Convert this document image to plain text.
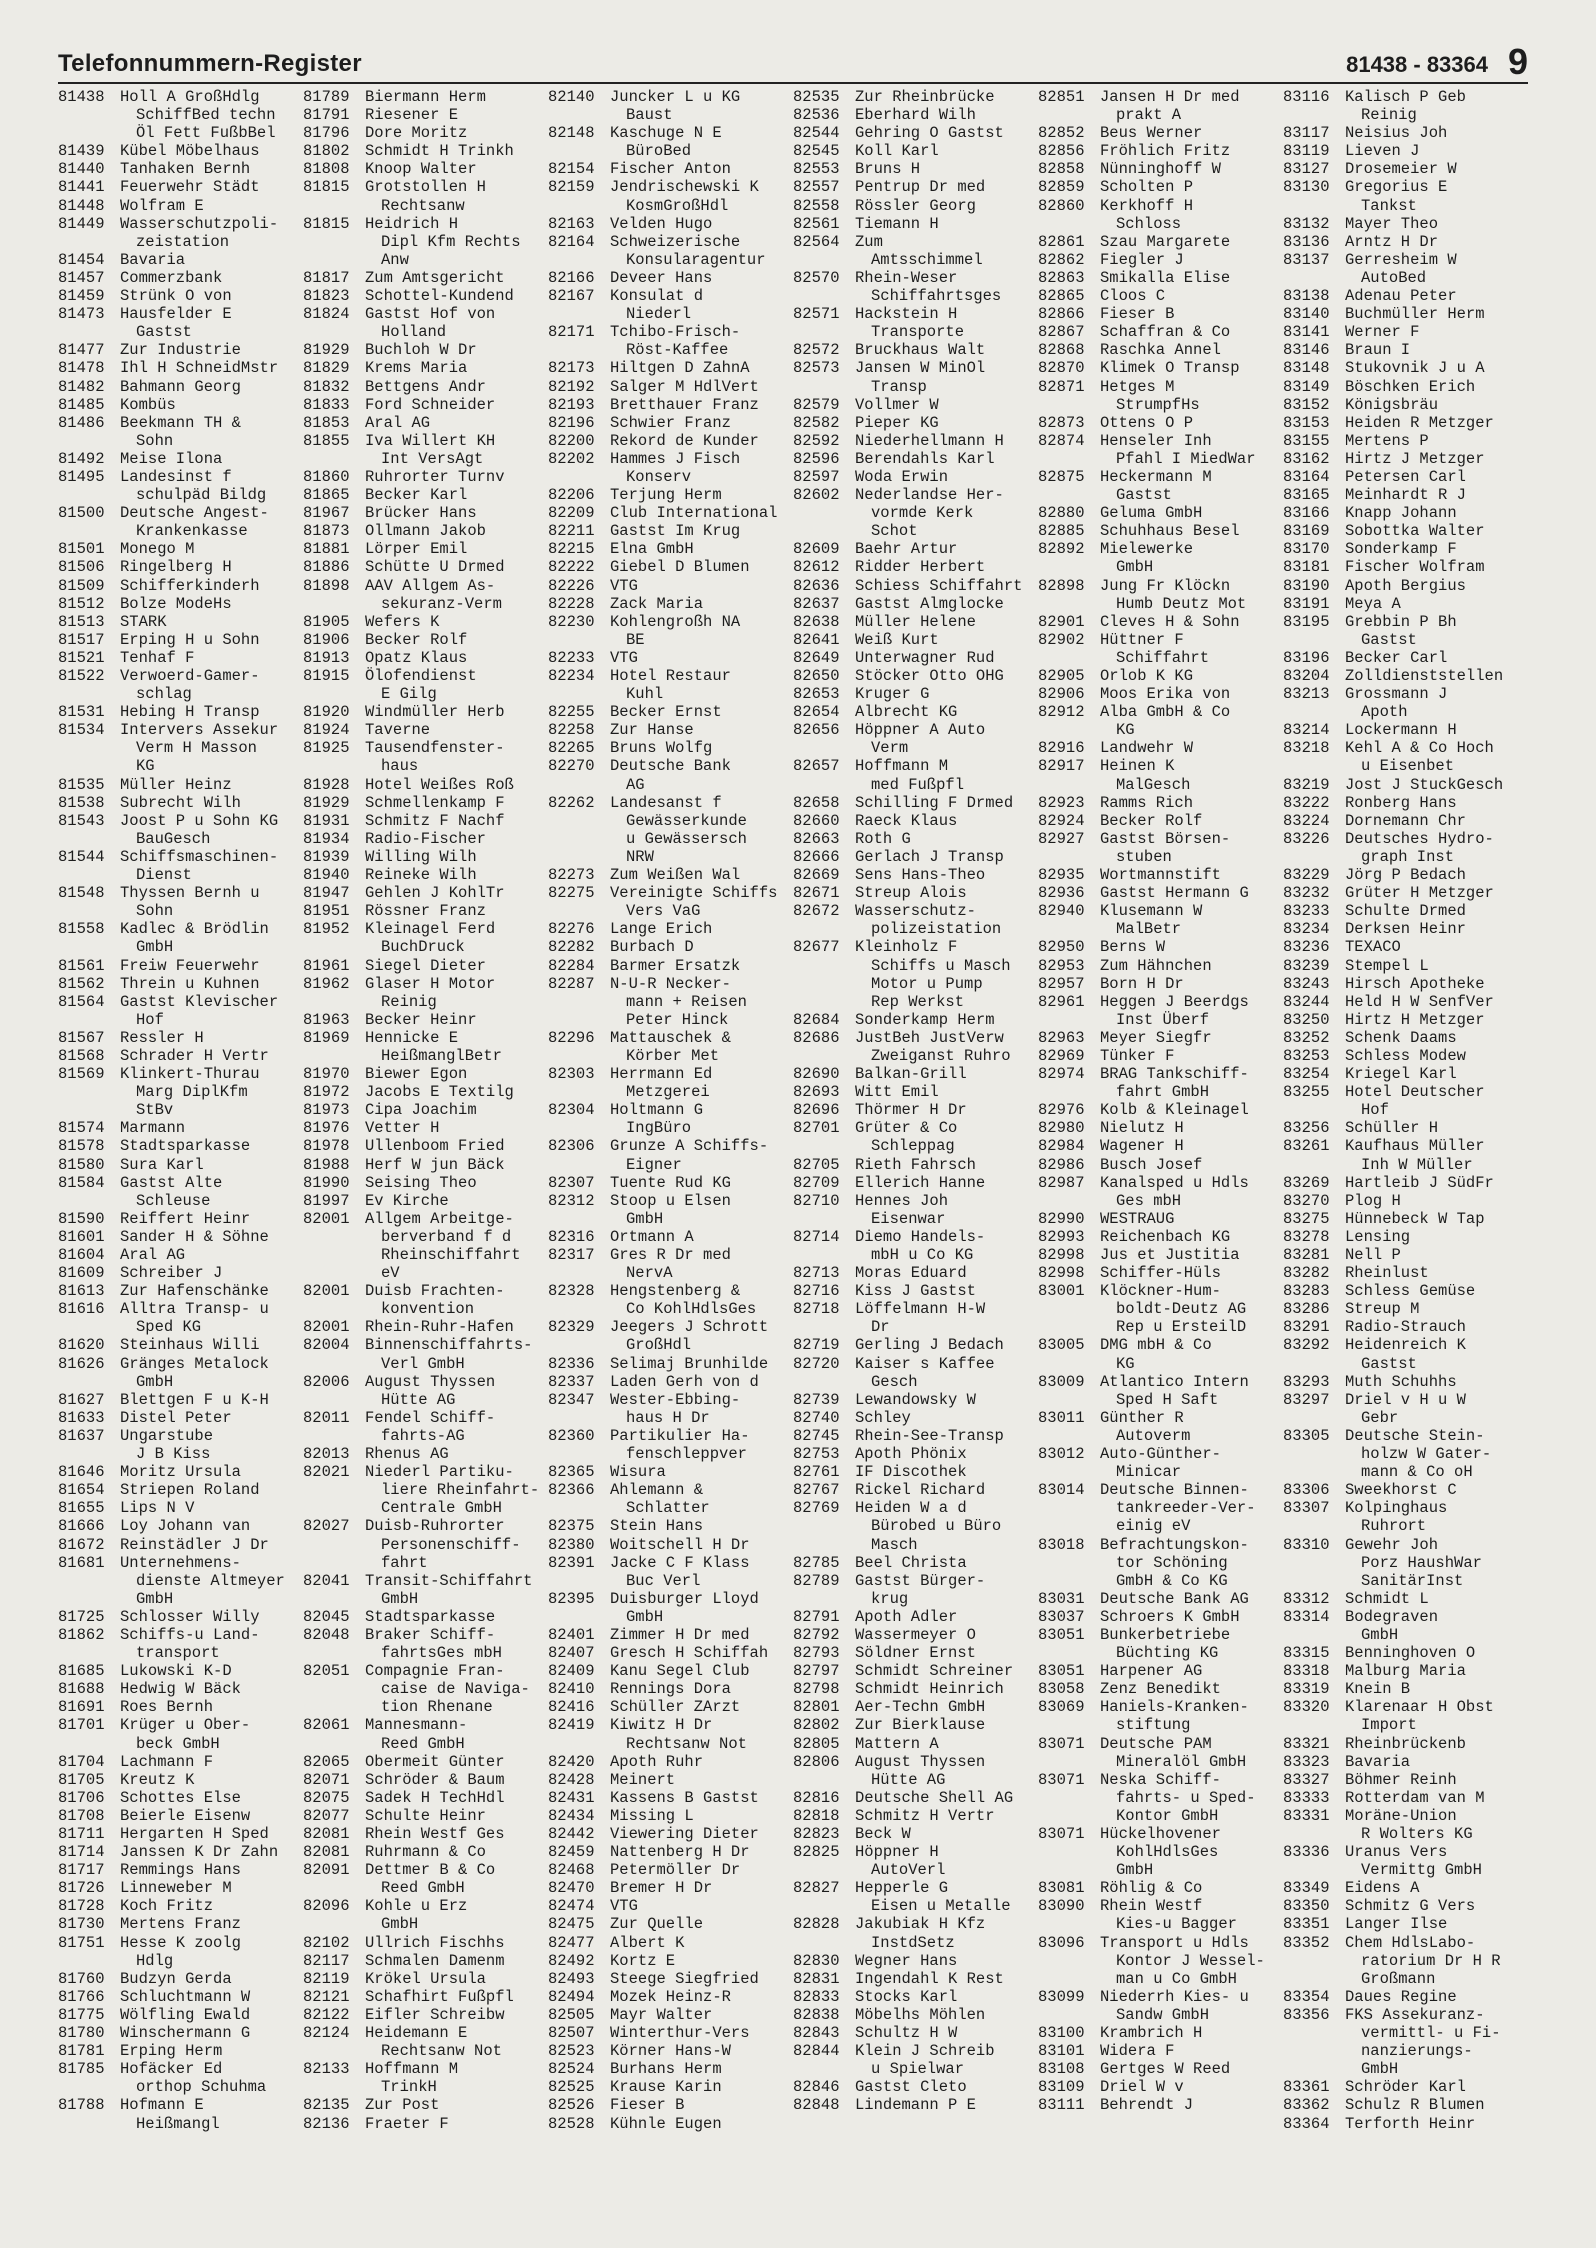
Telefonnummern-Register	81438 - 83364 9
81438 Holl A GroßHdlg
SchiffBed techn
Öl Fett FußbBel
81439 Kübel Möbelhaus
81440 Tanhaken Bernh
81441 Feuerwehr Städt
81448 Wolfram E
81449 Wasserschutzpoli-
zeistation
81454 Bavaria
81457 Commerzbank
81459 Strünk O von
81473 Hausfelder E
Gastst
81477 Zur Industrie
81478 Ihl H SchneidMstr
81482 Bahmann Georg
81485 Kombüs
81486 Beekmann TH &
Sohn
81492 Meise Ilona
81495 Landesinst f
schulpäd Bildg
81500 Deutsche Angest-
Krankenkasse
81501 Monego M
81506 Ringelberg H
81509 Schifferkinderh
81512 Bolze ModeHs
81513 STARK
81517 Erping H u Sohn
81521 Tenhaf F
81522 Verwoerd-Gamer-
schlag
81531 Hebing H Transp
81534 Intervers Assekur
Verm H Masson
KG
81535 Müller Heinz
81538 Subrecht Wilh
81543 Joost P u Sohn KG
BauGesch
81544 Schiffsmaschinen-
Dienst
81548 Thyssen Bernh u
Sohn
81558 Kadlec & Brödlin
GmbH
81561 Freiw Feuerwehr
81562 Threin u Kuhnen
81564 Gastst Klevischer
Hof
81567 Ressler H
81568 Schrader H Vertr
81569 Klinkert-Thurau
Marg DiplKfm
StBv
81574 Marmann
81578 Stadtsparkasse
81580 Sura Karl
81584 Gastst Alte
Schleuse
81590 Reiffert Heinr
81601 Sander H & Söhne
81604 Aral AG
81609 Schreiber J
81613 Zur Hafenschänke
81616 Alltra Transp- u
Sped KG
81620 Steinhaus Willi
81626 Gränges Metalock
GmbH
81627 Blettgen F u K-H
81633 Distel Peter
81637 Ungarstube
J B Kiss
81646 Moritz Ursula
81654 Striepen Roland
81655 Lips N V
81666 Loy Johann van
81672 Reinstädler J Dr
81681 Unternehmens-
dienste Altmeyer
GmbH
81725 Schlosser Willy
81862 Schiffs-u Land-
transport
81685 Lukowski K-D
81688 Hedwig W Bäck
81691 Roes Bernh
81701 Krüger u Ober-
beck GmbH
81704 Lachmann F
81705 Kreutz K
81706 Schottes Else
81708 Beierle Eisenw
81711 Hergarten H Sped
81714 Janssen K Dr Zahn
81717 Remmings Hans
81726 Linneweber M
81728 Koch Fritz
81730 Mertens Franz
81751 Hesse K zoolg
Hdlg
81760 Budzyn Gerda
81766 Schluchtmann W
81775 Wölfling Ewald
81780 Winschermann G
81781 Erping Herm
81785 Hofäcker Ed
orthop Schuhma
81788 Hofmann E
Heißmangl
81789 Biermann Herm
81791 Riesener E
81796 Dore Moritz
81802 Schmidt H Trinkh
81808 Knoop Walter
81815 Grotstollen H
Rechtsanw
81815 Heidrich H
Dipl Kfm Rechts
Anw
81817 Zum Amtsgericht
81823 Schottel-Kundend
81824 Gastst Hof von
Holland
81929 Buchloh W Dr
81829 Krems Maria
81832 Bettgens Andr
81833 Ford Schneider
81853 Aral AG
81855 Iva Willert KH
Int VersAgt
81860 Ruhrorter Turnv
81865 Becker Karl
81967 Brücker Hans
81873 Ollmann Jakob
81881 Lörper Emil
81886 Schütte U Drmed
81898 AAV Allgem As-
sekuranz-Verm
81905 Wefers K
81906 Becker Rolf
81913 Opatz Klaus
81915 Ölofendienst
E Gilg
81920 Windmüller Herb
81924 Taverne
81925 Tausendfenster-
haus
81928 Hotel Weißes Roß
81929 Schmellenkamp F
81931 Schmitz F Nachf
81934 Radio-Fischer
81939 Willing Wilh
81940 Reineke Wilh
81947 Gehlen J KohlTr
81951 Rössner Franz
81952 Kleinagel Ferd
BuchDruck
81961 Siegel Dieter
81962 Glaser H Motor
Reinig
81963 Becker Heinr
81969 Hennicke E
HeißmanglBetr
81970 Biewer Egon
81972 Jacobs E Textilg
81973 Cipa Joachim
81976 Vetter H
81978 Ullenboom Fried
81988 Herf W jun Bäck
81990 Seising Theo
81997 Ev Kirche
82001 Allgem Arbeitge-
berverband f d
Rheinschiffahrt
eV
82001 Duisb Frachten-
konvention
82001 Rhein-Ruhr-Hafen
82004 Binnenschiffahrts-
Verl GmbH
82006 August Thyssen
Hütte AG
82011 Fendel Schiff-
fahrts-AG
82013 Rhenus AG
82021 Niederl Partiku-
liere Rheinfahrt-
Centrale GmbH
82027 Duisb-Ruhrorter
Personenschiff-
fahrt
82041 Transit-Schiffahrt
GmbH
82045 Stadtsparkasse
82048 Braker Schiff-
fahrtsGes mbH
82051 Compagnie Fran-
caise de Naviga-
tion Rhenane
82061 Mannesmann-
Reed GmbH
82065 Obermeit Günter
82071 Schröder & Baum
82075 Sadek H TechHdl
82077 Schulte Heinr
82081 Rhein Westf Ges
82081 Ruhrmann & Co
82091 Dettmer B & Co
Reed GmbH
82096 Kohle u Erz
GmbH
82102 Ullrich Fischhs
82117 Schmalen Damenm
82119 Krökel Ursula
82121 Schafhirt Fußpfl
82122 Eifler Schreibw
82124 Heidemann E
Rechtsanw Not
82133 Hoffmann M
TrinkH
82135 Zur Post
82136 Fraeter F
82140 Juncker L u KG
Baust
82148 Kaschuge N E
BüroBed
82154 Fischer Anton
82159 Jendrischewski K
KosmGroßHdl
82163 Velden Hugo
82164 Schweizerische
Konsularagentur
82166 Deveer Hans
82167 Konsulat d
Niederl
82171 Tchibo-Frisch-
Röst-Kaffee
82173 Hiltgen D ZahnA
82192 Salger M HdlVert
82193 Bretthauer Franz
82196 Schwier Franz
82200 Rekord de Kunder
82202 Hammes J Fisch
Konserv
82206 Terjung Herm
82209 Club International
82211 Gastst Im Krug
82215 Elna GmbH
82222 Giebel D Blumen
82226 VTG
82228 Zack Maria
82230 Kohlengroßh NA
BE
82233 VTG
82234 Hotel Restaur
Kuhl
82255 Becker Ernst
82258 Zur Hanse
82265 Bruns Wolfg
82270 Deutsche Bank
AG
82262 Landesanst f
Gewässerkunde
u Gewässersch
NRW
82273 Zum Weißen Wal
82275 Vereinigte Schiffs
Vers VaG
82276 Lange Erich
82282 Burbach D
82284 Barmer Ersatzk
82287 N-U-R Necker-
mann + Reisen
Peter Hinck
82296 Mattauschek &
Körber Met
82303 Herrmann Ed
Metzgerei
82304 Holtmann G
IngBüro
82306 Grunze A Schiffs-
Eigner
82307 Tuente Rud KG
82312 Stoop u Elsen
GmbH
82316 Ortmann A
82317 Gres R Dr med
NervA
82328 Hengstenberg &
Co KohlHdlsGes
82329 Jeegers J Schrott
GroßHdl
82336 Selimaj Brunhilde
82337 Laden Gerh von d
82347 Wester-Ebbing-
haus H Dr
82360 Partikulier Ha-
fenschleppver
82365 Wisura
82366 Ahlemann &
Schlatter
82375 Stein Hans
82380 Woitschell H Dr
82391 Jacke C F Klass
Buc Verl
82395 Duisburger Lloyd
GmbH
82401 Zimmer H Dr med
82407 Gresch H Schiffah
82409 Kanu Segel Club
82410 Rennings Dora
82416 Schüller ZArzt
82419 Kiwitz H Dr
Rechtsanw Not
82420 Apoth Ruhr
82428 Meinert
82431 Kassens B Gastst
82434 Missing L
82442 Viewering Dieter
82459 Nattenberg H Dr
82468 Petermöller Dr
82470 Bremer H Dr
82474 VTG
82475 Zur Quelle
82477 Albert K
82492 Kortz E
82493 Steege Siegfried
82494 Mozek Heinz-R
82505 Mayr Walter
82507 Winterthur-Vers
82523 Körner Hans-W
82524 Burhans Herm
82525 Krause Karin
82526 Fieser B
82528 Kühnle Eugen
82535 Zur Rheinbrücke
82536 Eberhard Wilh
82544 Gehring O Gastst
82545 Koll Karl
82553 Bruns H
82557 Pentrup Dr med
82558 Rössler Georg
82561 Tiemann H
82564 Zum
Amtsschimmel
82570 Rhein-Weser
Schiffahrtsges
82571 Hackstein H
Transporte
82572 Bruckhaus Walt
82573 Jansen W MinOl
Transp
82579 Vollmer W
82582 Pieper KG
82592 Niederhellmann H
82596 Berendahls Karl
82597 Woda Erwin
82602 Nederlandse Her-
vormde Kerk
Schot
82609 Baehr Artur
82612 Ridder Herbert
82636 Schiess Schiffahrt
82637 Gastst Almglocke
82638 Müller Helene
82641 Weiß Kurt
82649 Unterwagner Rud
82650 Stöcker Otto OHG
82653 Kruger G
82654 Albrecht KG
82656 Höppner A Auto
Verm
82657 Hoffmann M
med Fußpfl
82658 Schilling F Drmed
82660 Raeck Klaus
82663 Roth G
82666 Gerlach J Transp
82669 Sens Hans-Theo
82671 Streup Alois
82672 Wasserschutz-
polizeistation
82677 Kleinholz F
Schiffs u Masch
Motor u Pump
Rep Werkst
82684 Sonderkamp Herm
82686 JustBeh JustVerw
Zweiganst Ruhro
82690 Balkan-Grill
82693 Witt Emil
82696 Thörmer H Dr
82701 Grüter & Co
Schleppag
82705 Rieth Fahrsch
82709 Ellerich Hanne
82710 Hennes Joh
Eisenwar
82714 Diemo Handels-
mbH u Co KG
82713 Moras Eduard
82716 Kiss J Gastst
82718 Löffelmann H-W
Dr
82719 Gerling J Bedach
82720 Kaiser s Kaffee
Gesch
82739 Lewandowsky W
82740 Schley
82745 Rhein-See-Transp
82753 Apoth Phönix
82761 IF Discothek
82767 Rickel Richard
82769 Heiden W a d
Bürobed u Büro
Masch
82785 Beel Christa
82789 Gastst Bürger-
krug
82791 Apoth Adler
82792 Wassermeyer O
82793 Söldner Ernst
82797 Schmidt Schreiner
82798 Schmidt Heinrich
82801 Aer-Techn GmbH
82802 Zur Bierklause
82805 Mattern A
82806 August Thyssen
Hütte AG
82816 Deutsche Shell AG
82818 Schmitz H Vertr
82823 Beck W
82825 Höppner H
AutoVerl
82827 Hepperle G
Eisen u Metalle
82828 Jakubiak H Kfz
InstdSetz
82830 Wegner Hans
82831 Ingendahl K Rest
82833 Stocks Karl
82838 Möbelhs Möhlen
82843 Schultz H W
82844 Klein J Schreib
u Spielwar
82846 Gastst Cleto
82848 Lindemann P E
82851 Jansen H Dr med
prakt A
82852 Beus Werner
82856 Fröhlich Fritz
82858 Nünninghoff W
82859 Scholten P
82860 Kerkhoff H
Schloss
82861 Szau Margarete
82862 Fiegler J
82863 Smikalla Elise
82865 Cloos C
82866 Fieser B
82867 Schaffran & Co
82868 Raschka Annel
82870 Klimek O Transp
82871 Hetges M
StrumpfHs
82873 Ottens O P
82874 Henseler Inh
Pfahl I MiedWar
82875 Heckermann M
Gastst
82880 Geluma GmbH
82885 Schuhhaus Besel
82892 Mielewerke
GmbH
82898 Jung Fr Klöckn
Humb Deutz Mot
82901 Cleves H & Sohn
82902 Hüttner F
Schiffahrt
82905 Orlob K KG
82906 Moos Erika von
82912 Alba GmbH & Co
KG
82916 Landwehr W
82917 Heinen K
MalGesch
82923 Ramms Rich
82924 Becker Rolf
82927 Gastst Börsen-
stuben
82935 Wortmannstift
82936 Gastst Hermann G
82940 Klusemann W
MalBetr
82950 Berns W
82953 Zum Hähnchen
82957 Born H Dr
82961 Heggen J Beerdgs
Inst Überf
82963 Meyer Siegfr
82969 Tünker F
82974 BRAG Tankschiff-
fahrt GmbH
82976 Kolb & Kleinagel
82980 Nielutz H
82984 Wagener H
82986 Busch Josef
82987 Kanalsped u Hdls
Ges mbH
82990 WESTRAUG
82993 Reichenbach KG
82998 Jus et Justitia
82998 Schiffer-Hüls
83001 Klöckner-Hum-
boldt-Deutz AG
Rep u ErsteilD
83005 DMG mbH & Co
KG
83009 Atlantico Intern
Sped H Saft
83011 Günther R
Autoverm
83012 Auto-Günther-
Minicar
83014 Deutsche Binnen-
tankreeder-Ver-
einig eV
83018 Befrachtungskon-
tor Schöning
GmbH & Co KG
83031 Deutsche Bank AG
83037 Schroers K GmbH
83051 Bunkerbetriebe
Büchting KG
83051 Harpener AG
83058 Zenz Benedikt
83069 Haniels-Kranken-
stiftung
83071 Deutsche PAM
Mineralöl GmbH
83071 Neska Schiff-
fahrts- u Sped-
Kontor GmbH
83071 Hückelhovener
KohlHdlsGes
GmbH
83081 Röhlig & Co
83090 Rhein Westf
Kies-u Bagger
83096 Transport u Hdls
Kontor J Wessel-
man u Co GmbH
83099 Niederrh Kies- u
Sandw GmbH
83100 Krambrich H
83101 Widera F
83108 Gertges W Reed
83109 Driel W v
83111 Behrendt J
83116 Kalisch P Geb
Reinig
83117 Neisius Joh
83119 Lieven J
83127 Drosemeier W
83130 Gregorius E
Tankst
83132 Mayer Theo
83136 Arntz H Dr
83137 Gerresheim W
AutoBed
83138 Adenau Peter
83140 Buchmüller Herm
83141 Werner F
83146 Braun I
83148 Stukovnik J u A
83149 Böschken Erich
83152 Königsbräu
83153 Heiden R Metzger
83155 Mertens P
83162 Hirtz J Metzger
83164 Petersen Carl
83165 Meinhardt R J
83166 Knapp Johann
83169 Sobottka Walter
83170 Sonderkamp F
83181 Fischer Wolfram
83190 Apoth Bergius
83191 Meya A
83195 Grebbin P Bh
Gastst
83196 Becker Carl
83204 Zolldienststellen
83213 Grossmann J
Apoth
83214 Lockermann H
83218 Kehl A & Co Hoch
u Eisenbet
83219 Jost J StuckGesch
83222 Ronberg Hans
83224 Dornemann Chr
83226 Deutsches Hydro-
graph Inst
83229 Jörg P Bedach
83232 Grüter H Metzger
83233 Schulte Drmed
83234 Derksen Heinr
83236 TEXACO
83239 Stempel L
83243 Hirsch Apotheke
83244 Held H W SenfVer
83250 Hirtz H Metzger
83252 Schenk Daams
83253 Schless Modew
83254 Kriegel Karl
83255 Hotel Deutscher
Hof
83256 Schüller H
83261 Kaufhaus Müller
Inh W Müller
83269 Hartleib J SüdFr
83270 Plog H
83275 Hünnebeck W Tap
83278 Lensing
83281 Nell P
83282 Rheinlust
83283 Schless Gemüse
83286 Streup M
83291 Radio-Strauch
83292 Heidenreich K
Gastst
83293 Muth Schuhhs
83297 Driel v H u W
Gebr
83305 Deutsche Stein-
holzw W Gater-
mann & Co oH
83306 Sweekhorst C
83307 Kolpinghaus
Ruhrort
83310 Gewehr Joh
Porz HaushWar
SanitärInst
83312 Schmidt L
83314 Bodegraven
GmbH
83315 Benninghoven O
83318 Malburg Maria
83319 Knein B
83320 Klarenaar H Obst
Import
83321 Rheinbrückenb
83323 Bavaria
83327 Böhmer Reinh
83333 Rotterdam van M
83331 Moräne-Union
R Wolters KG
83336 Uranus Vers
Vermittg GmbH
83349 Eidens A
83350 Schmitz G Vers
83351 Langer Ilse
83352 Chem HdlsLabo-
ratorium Dr H R
Großmann
83354 Daues Regine
83356 FKS Assekuranz-
vermittl- u Fi-
nanzierungs-
GmbH
83361 Schröder Karl
83362 Schulz R Blumen
83364 Terforth Heinr
